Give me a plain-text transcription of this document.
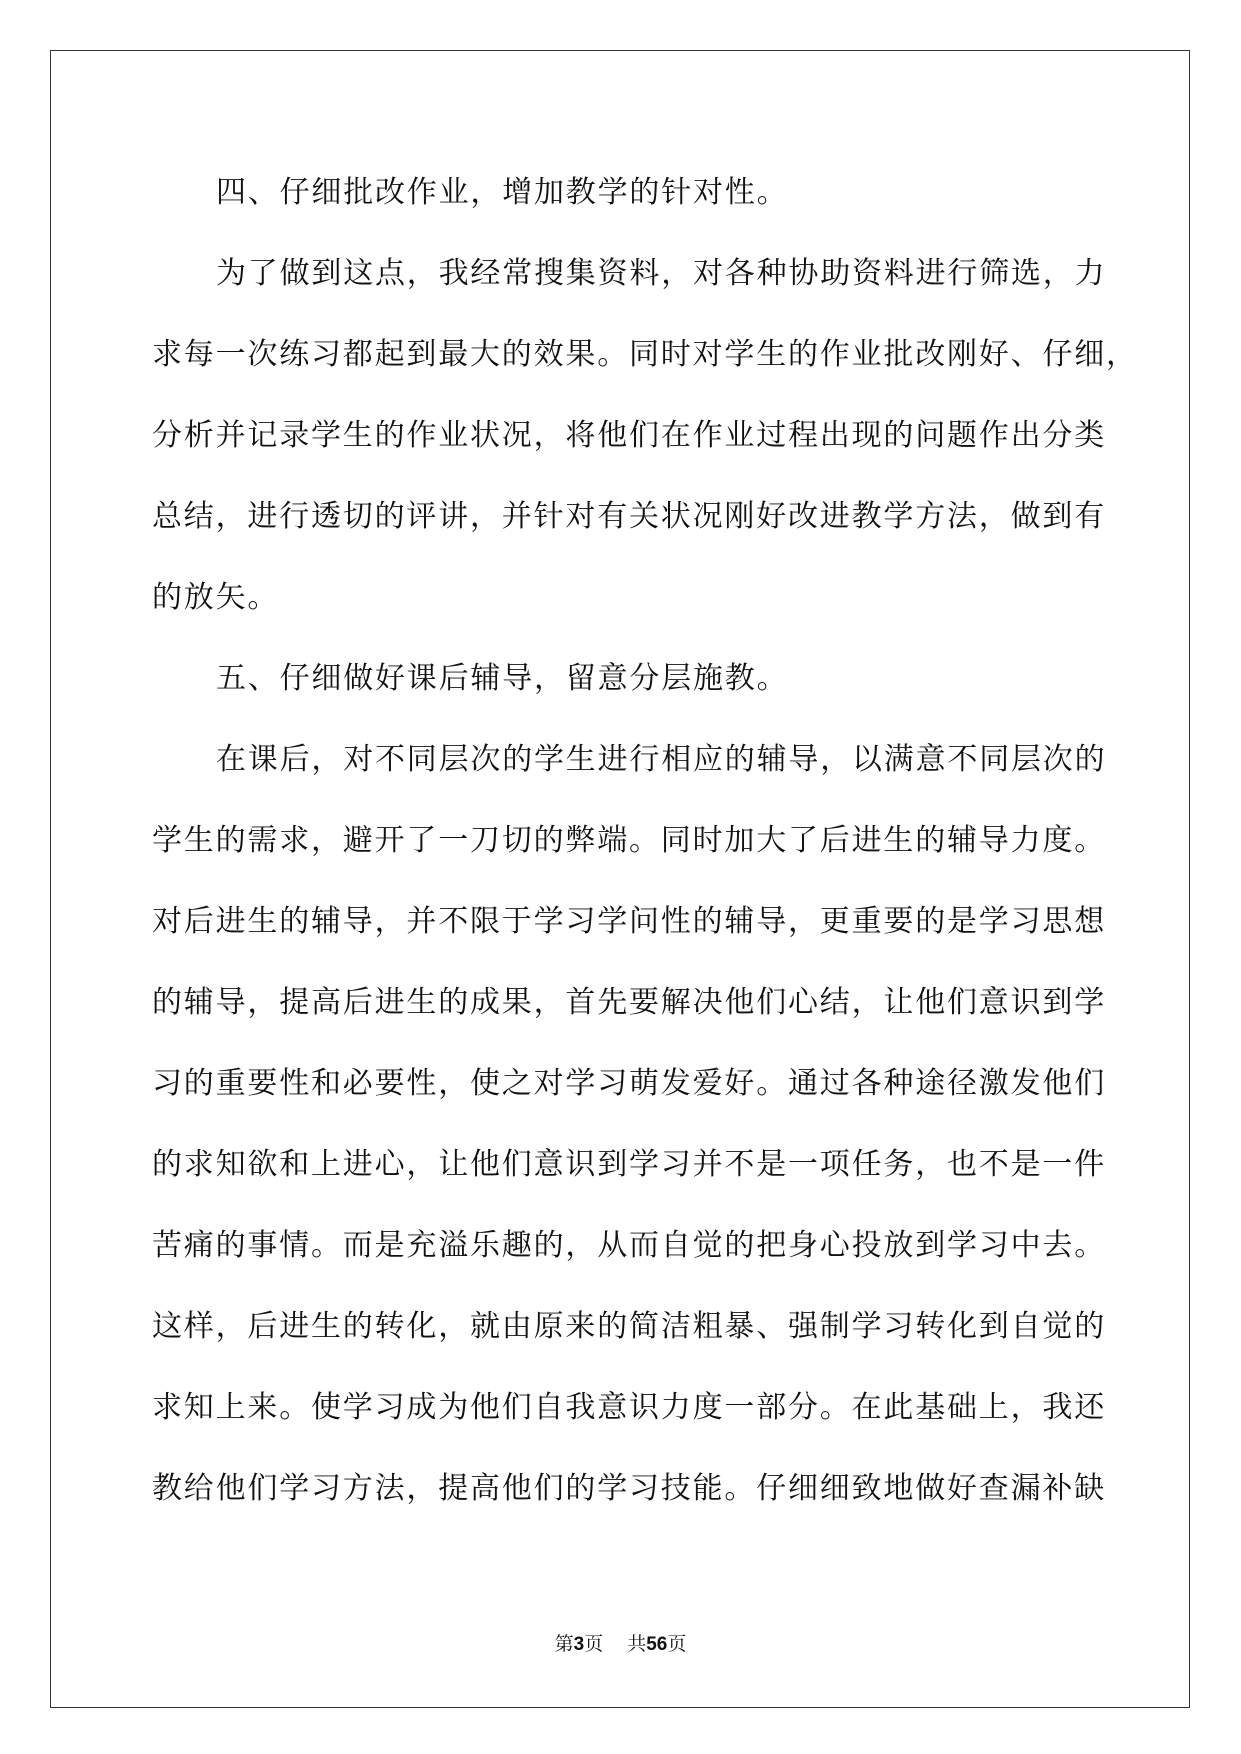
四、仔细批改作业，增加教学的针对性。
为了做到这点，我经常搜集资料，对各种协助资料进行筛选，力
求每一次练习都起到最大的效果。同时对学生的作业批改刚好、仔细，
分析并记录学生的作业状况，将他们在作业过程出现的问题作出分类
总结，进行透切的评讲，并针对有关状况刚好改进教学方法，做到有
的放矢。
五、仔细做好课后辅导，留意分层施教。
在课后，对不同层次的学生进行相应的辅导，以满意不同层次的
学生的需求，避开了一刀切的弊端。同时加大了后进生的辅导力度。
对后进生的辅导，并不限于学习学问性的辅导，更重要的是学习思想
的辅导，提高后进生的成果，首先要解决他们心结，让他们意识到学
习的重要性和必要性，使之对学习萌发爱好。通过各种途径激发他们
的求知欲和上进心，让他们意识到学习并不是一项任务，也不是一件
苦痛的事情。而是充溢乐趣的，从而自觉的把身心投放到学习中去。
这样，后进生的转化，就由原来的简洁粗暴、强制学习转化到自觉的
求知上来。使学习成为他们自我意识力度一部分。在此基础上，我还
教给他们学习方法，提高他们的学习技能。仔细细致地做好查漏补缺
第3页 共56页
